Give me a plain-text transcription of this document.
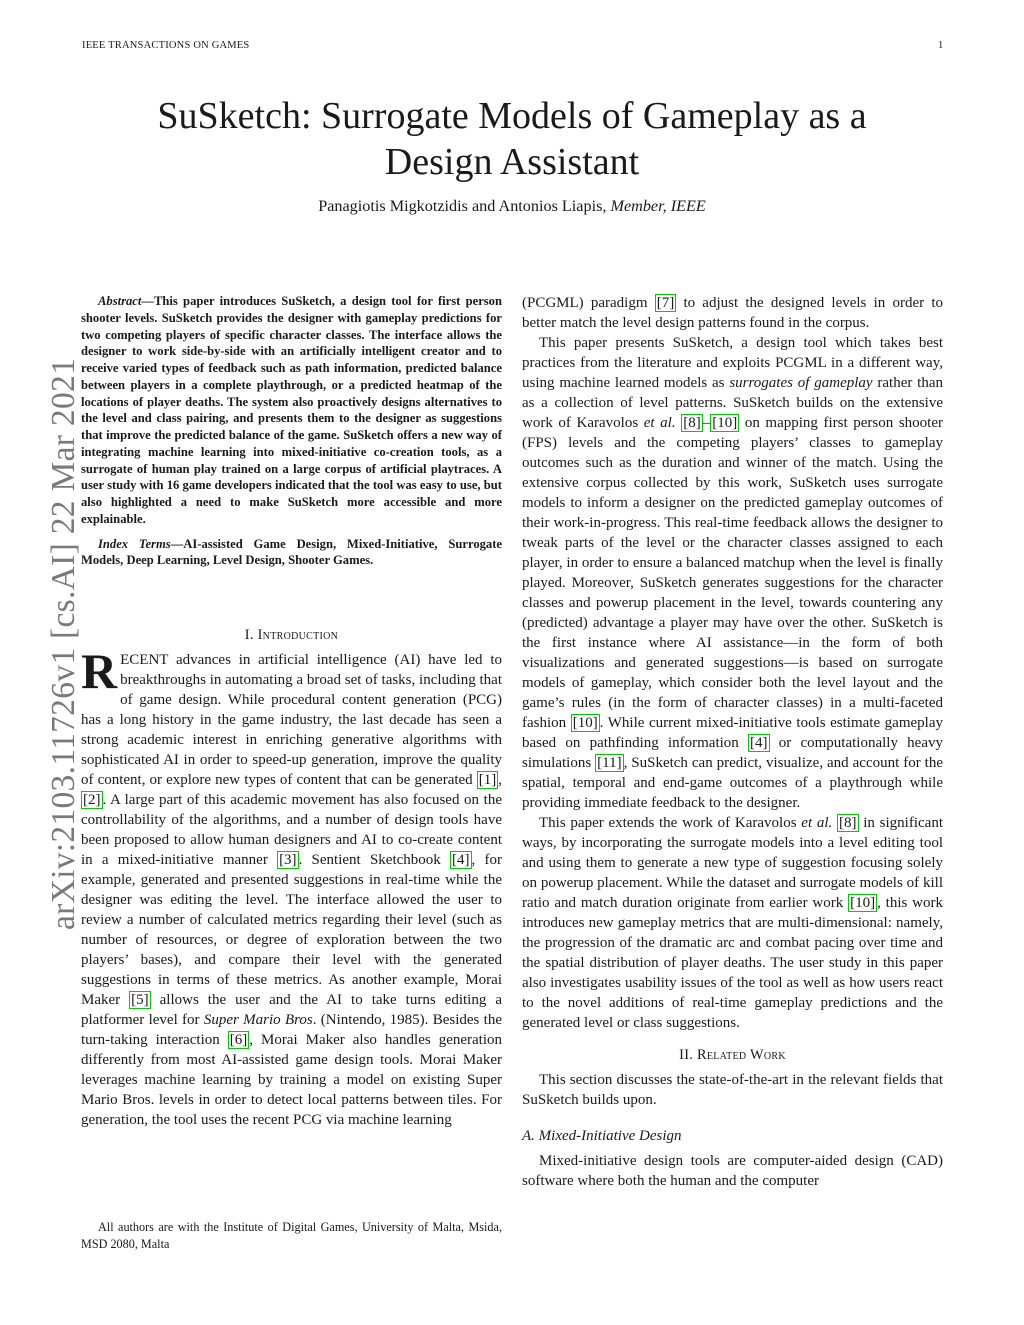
IEEE TRANSACTIONS ON GAMES	1
arXiv:2103.11726v1 [cs.AI] 22 Mar 2021
SuSketch: Surrogate Models of Gameplay as a
Design Assistant
Panagiotis Migkotzidis and Antonios Liapis, Member, IEEE

Abstract—This paper introduces SuSketch, a design tool for first person shooter levels. SuSketch provides the designer with gameplay predictions for two competing players of specific character classes. The interface allows the designer to work side-by-side with an artificially intelligent creator and to receive varied types of feedback such as path information, predicted balance between players in a complete playthrough, or a predicted heatmap of the locations of player deaths. The system also proactively designs alternatives to the level and class pairing, and presents them to the designer as suggestions that improve the predicted balance of the game. SuSketch offers a new way of integrating machine learning into mixed-initiative co-creation tools, as a surrogate of human play trained on a large corpus of artificial playtraces. A user study with 16 game developers indicated that the tool was easy to use, but also highlighted a need to make SuSketch more accessible and more explainable.

Index Terms—AI-assisted Game Design, Mixed-Initiative, Surrogate Models, Deep Learning, Level Design, Shooter Games.

I. Introduction

RECENT advances in artificial intelligence (AI) have led to breakthroughs in automating a broad set of tasks, including that of game design. While procedural content generation (PCG) has a long history in the game industry, the last decade has seen a strong academic interest in enriching generative algorithms with sophisticated AI in order to speed-up generation, improve the quality of content, or explore new types of content that can be generated [1] , [2] . A large part of this academic movement has also focused on the controllability of the algorithms, and a number of design tools have been proposed to allow human designers and AI to co-create content in a mixed-initiative manner [3] . Sentient Sketchbook [4] , for example, generated and presented suggestions in real-time while the designer was editing the level. The interface allowed the user to review a number of calculated metrics regarding their level (such as number of resources, or degree of exploration between the two players’ bases), and compare their level with the generated suggestions in terms of these metrics. As another example, Morai Maker [5] allows the user and the AI to take turns editing a platformer level for Super Mario Bros. (Nintendo, 1985). Besides the turn-taking interaction [6] , Morai Maker also handles generation differently from most AI-assisted game design tools. Morai Maker leverages machine learning by training a model on existing Super Mario Bros. levels in order to detect local patterns between tiles. For generation, the tool uses the recent PCG via machine learning

All authors are with the Institute of Digital Games, University of Malta, Msida, MSD 2080, Malta

(PCGML) paradigm [7] to adjust the designed levels in order to better match the level design patterns found in the corpus.

This paper presents SuSketch, a design tool which takes best practices from the literature and exploits PCGML in a different way, using machine learned models as surrogates of gameplay rather than as a collection of level patterns. SuSketch builds on the extensive work of Karavolos et al. [8] – [10] on mapping first person shooter (FPS) levels and the competing players’ classes to gameplay outcomes such as the duration and winner of the match. Using the extensive corpus collected by this work, SuSketch uses surrogate models to inform a designer on the predicted gameplay outcomes of their work-in-progress. This real-time feedback allows the designer to tweak parts of the level or the character classes assigned to each player, in order to ensure a balanced matchup when the level is finally played. Moreover, SuSketch generates suggestions for the character classes and powerup placement in the level, towards countering any (predicted) advantage a player may have over the other. SuSketch is the first instance where AI assistance—in the form of both visualizations and generated suggestions—is based on surrogate models of gameplay, which consider both the level layout and the game’s rules (in the form of character classes) in a multi-faceted fashion [10] . While current mixed-initiative tools estimate gameplay based on pathfinding information [4] or computationally heavy simulations [11] , SuSketch can predict, visualize, and account for the spatial, temporal and end-game outcomes of a playthrough while providing immediate feedback to the designer.

This paper extends the work of Karavolos et al. [8] in significant ways, by incorporating the surrogate models into a level editing tool and using them to generate a new type of suggestion focusing solely on powerup placement. While the dataset and surrogate models of kill ratio and match duration originate from earlier work [10] , this work introduces new gameplay metrics that are multi-dimensional: namely, the progression of the dramatic arc and combat pacing over time and the spatial distribution of player deaths. The user study in this paper also investigates usability issues of the tool as well as how users react to the novel additions of real-time gameplay predictions and the generated level or class suggestions.

II. Related Work

This section discusses the state-of-the-art in the relevant fields that SuSketch builds upon.

A. Mixed-Initiative Design

Mixed-initiative design tools are computer-aided design (CAD) software where both the human and the computer
